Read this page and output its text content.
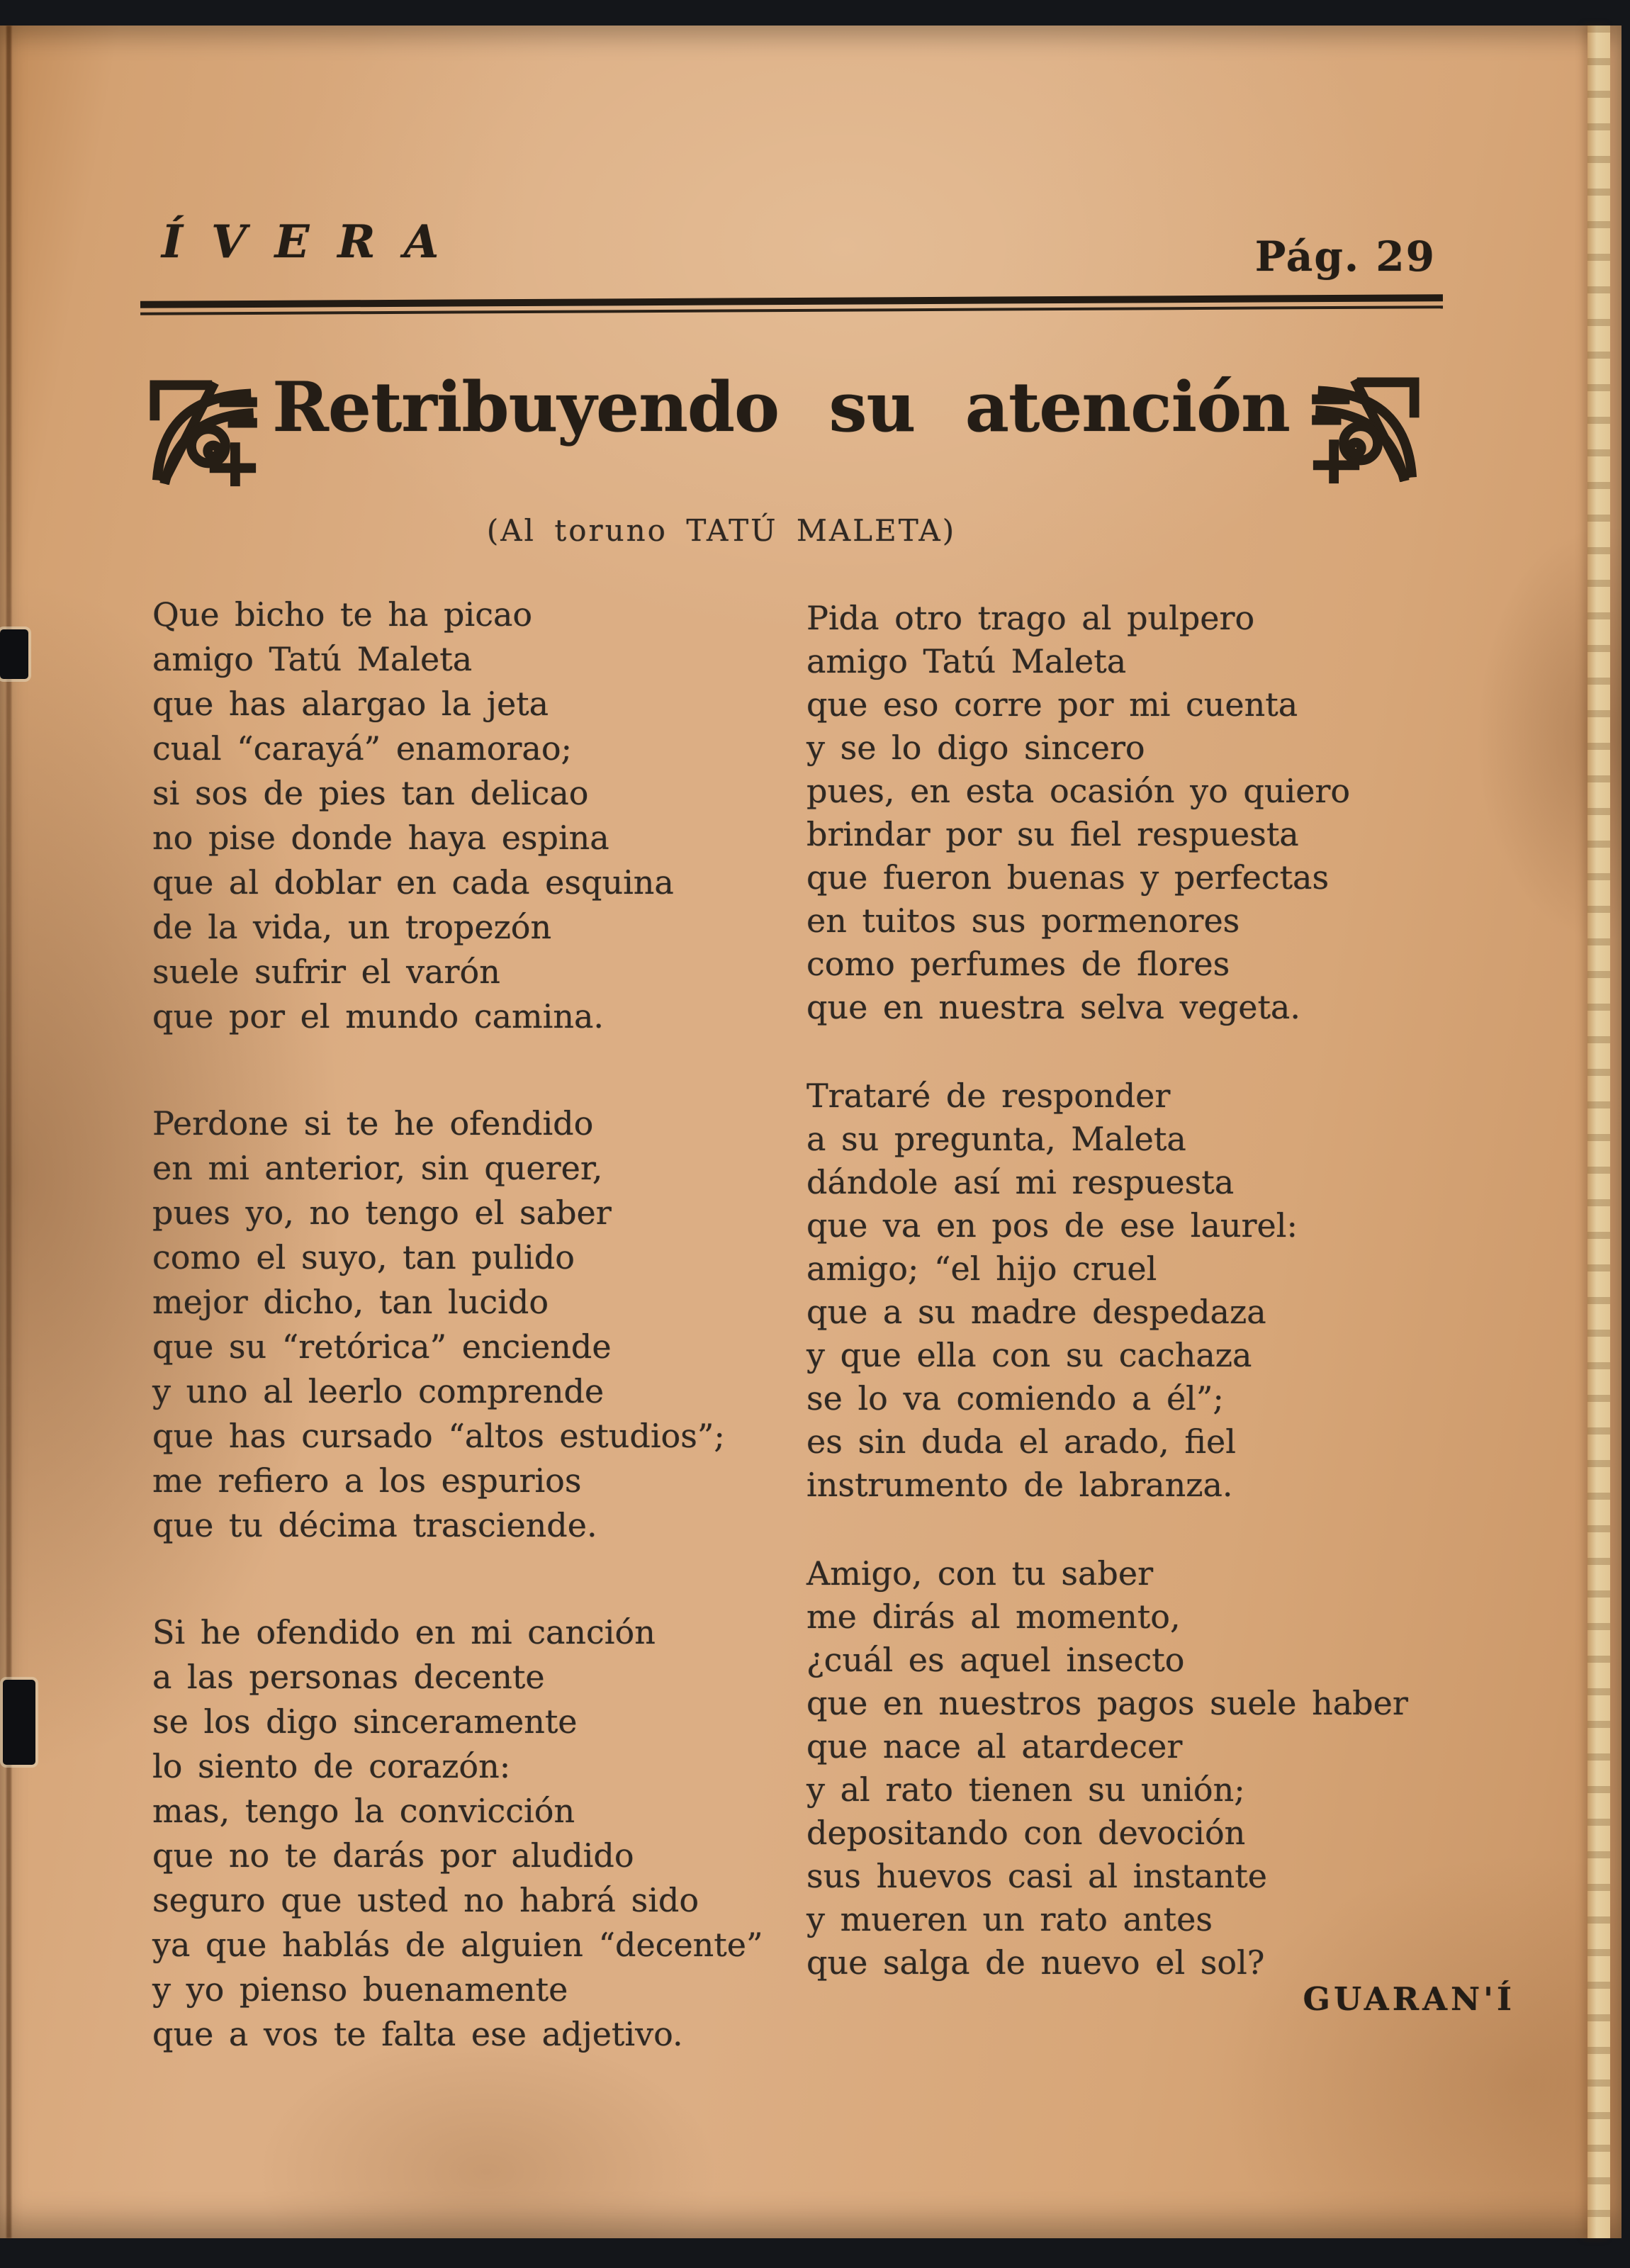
ÍVERA	Pág. 29
Retribuyendo su atención
(Al toruno TATÚ MALETA)
Que bicho te ha picao
amigo Tatú Maleta
que has alargao la jeta
cual “carayá” enamorao;
si sos de pies tan delicao
no pise donde haya espina
que al doblar en cada esquina
de la vida, un tropezón
suele sufrir el varón
que por el mundo camina.
Perdone si te he ofendido
en mi anterior, sin querer,
pues yo, no tengo el saber
como el suyo, tan pulido
mejor dicho, tan lucido
que su “retórica” enciende
y uno al leerlo comprende
que has cursado “altos estudios”;
me refiero a los espurios
que tu décima trasciende.
Si he ofendido en mi canción
a las personas decente
se los digo sinceramente
lo siento de corazón:
mas, tengo la convicción
que no te darás por aludido
seguro que usted no habrá sido
ya que hablás de alguien “decente”
y yo pienso buenamente
que a vos te falta ese adjetivo.
Pida otro trago al pulpero
amigo Tatú Maleta
que eso corre por mi cuenta
y se lo digo sincero
pues, en esta ocasión yo quiero
brindar por su fiel respuesta
que fueron buenas y perfectas
en tuitos sus pormenores
como perfumes de flores
que en nuestra selva vegeta.
Trataré de responder
a su pregunta, Maleta
dándole así mi respuesta
que va en pos de ese laurel:
amigo; “el hijo cruel
que a su madre despedaza
y que ella con su cachaza
se lo va comiendo a él”;
es sin duda el arado, fiel
instrumento de labranza.
Amigo, con tu saber
me dirás al momento,
¿cuál es aquel insecto
que en nuestros pagos suele haber
que nace al atardecer
y al rato tienen su unión;
depositando con devoción
sus huevos casi al instante
y mueren un rato antes
que salga de nuevo el sol?
GUARAN'Í
